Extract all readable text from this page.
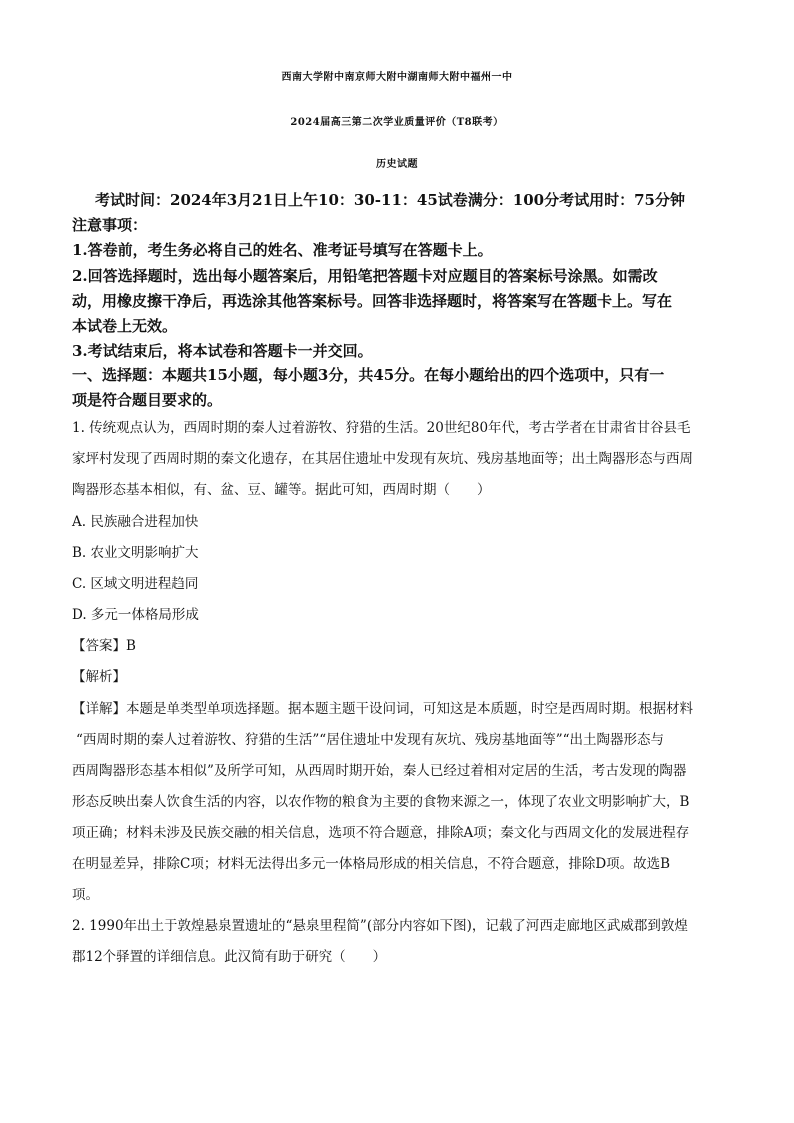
西南大学附中南京师大附中湖南师大附中福州一中
2024届高三第二次学业质量评价（T8联考）
历史试题
考试时间：2024年3月21日上午10：30-11：45试卷满分：100分考试用时：75分钟
注意事项：
1.答卷前，考生务必将自己的姓名、准考证号填写在答题卡上。
2.回答选择题时，选出每小题答案后，用铅笔把答题卡对应题目的答案标号涂黑。如需改
动，用橡皮擦干净后，再选涂其他答案标号。回答非选择题时，将答案写在答题卡上。写在
本试卷上无效。
3.考试结束后，将本试卷和答题卡一并交回。
一、选择题：本题共15小题，每小题3分，共45分。在每小题给出的四个选项中，只有一
项是符合题目要求的。
1. 传统观点认为，西周时期的秦人过着游牧、狩猎的生活。20世纪80年代，考古学者在甘肃省甘谷县毛
家坪村发现了西周时期的秦文化遗存，在其居住遗址中发现有灰坑、残房基地面等；出土陶器形态与西周
陶器形态基本相似，有、盆、豆、罐等。据此可知，西周时期（　　）
A. 民族融合进程加快
B. 农业文明影响扩大
C. 区域文明进程趋同
D. 多元一体格局形成
【答案】B
【解析】
【详解】本题是单类型单项选择题。据本题主题干设问词，可知这是本质题，时空是西周时期。根据材料
“西周时期的秦人过着游牧、狩猎的生活”“居住遗址中发现有灰坑、残房基地面等”“出土陶器形态与
西周陶器形态基本相似”及所学可知，从西周时期开始，秦人已经过着相对定居的生活，考古发现的陶器
形态反映出秦人饮食生活的内容，以农作物的粮食为主要的食物来源之一，体现了农业文明影响扩大，B
项正确；材料未涉及民族交融的相关信息，选项不符合题意，排除A项；秦文化与西周文化的发展进程存
在明显差异，排除C项；材料无法得出多元一体格局形成的相关信息，不符合题意，排除D项。故选B
项。
2. 1990年出土于敦煌悬泉置遗址的“悬泉里程简”(部分内容如下图)，记载了河西走廊地区武威郡到敦煌
郡12个驿置的详细信息。此汉简有助于研究（　　）
